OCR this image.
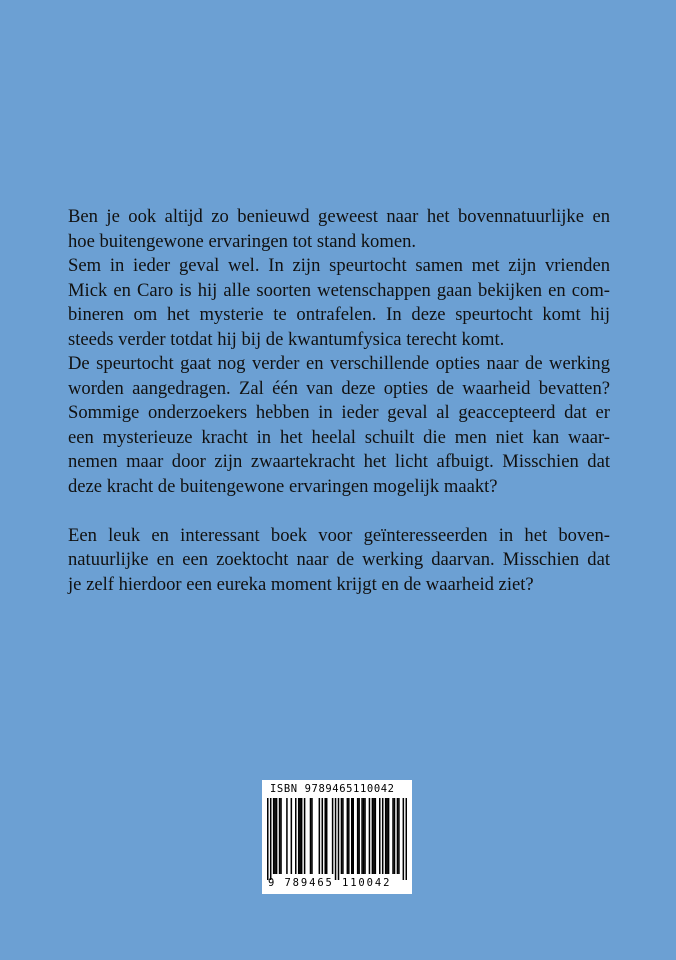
Ben je ook altijd zo benieuwd geweest naar het bovennatuurlijke en
hoe buitengewone ervaringen tot stand komen.

Sem in ieder geval wel. In zijn speurtocht samen met zijn vrienden
Mick en Caro is hij alle soorten wetenschappen gaan bekijken en com-
bineren om het mysterie te ontrafelen. In deze speurtocht komt hij
steeds verder totdat hij bij de kwantumfysica terecht komt.

De speurtocht gaat nog verder en verschillende opties naar de werking
worden aangedragen. Zal één van deze opties de waarheid bevatten?
Sommige onderzoekers hebben in ieder geval al geaccepteerd dat er
een mysterieuze kracht in het heelal schuilt die men niet kan waar-
nemen maar door zijn zwaartekracht het licht afbuigt. Misschien dat
deze kracht de buitengewone ervaringen mogelijk maakt?

Een leuk en interessant boek voor geïnteresseerden in het boven-
natuurlijke en een zoektocht naar de werking daarvan. Misschien dat
je zelf hierdoor een eureka moment krijgt en de waarheid ziet?

ISBN 9789465110042
9 789465 110042
